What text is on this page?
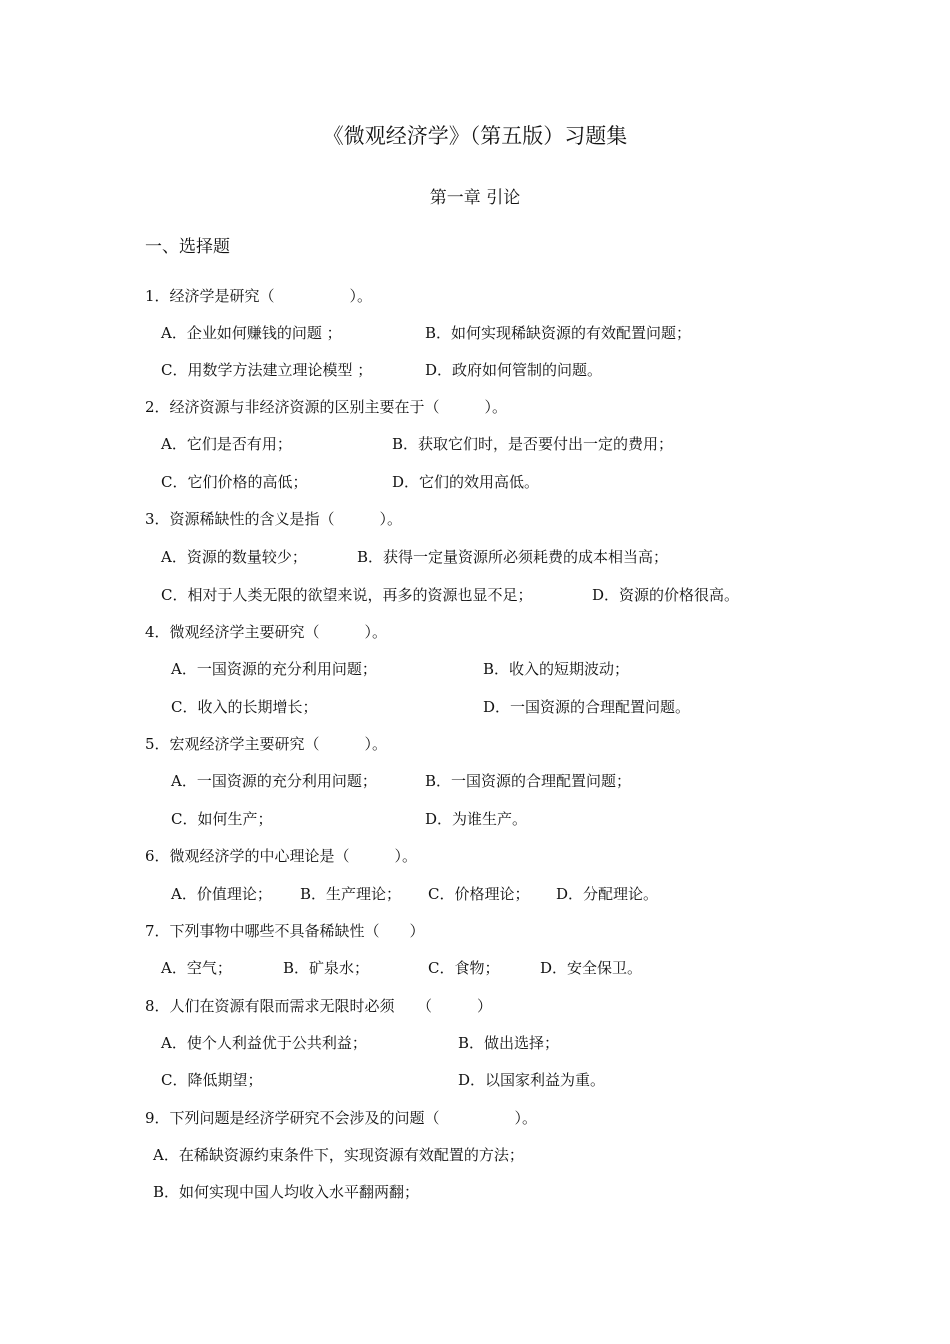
《微观经济学》（第五版）习题集
第一章 引论
一、选择题
1．经济学是研究（　　　　　）。
A．企业如何赚钱的问题 ；	B．如何实现稀缺资源的有效配置问题；
C．用数学方法建立理论模型 ；	D．政府如何管制的问题。
2．经济资源与非经济资源的区别主要在于（　　　）。
A．它们是否有用；	B．获取它们时，是否要付出一定的费用；
C．它们价格的高低；	D．它们的效用高低。
3．资源稀缺性的含义是指（　　　）。
A．资源的数量较少；	B．获得一定量资源所必须耗费的成本相当高；
C．相对于人类无限的欲望来说，再多的资源也显不足；	D．资源的价格很高。
4．微观经济学主要研究（　　　）。
A．一国资源的充分利用问题；	B．收入的短期波动；
C．收入的长期增长；	D．一国资源的合理配置问题。
5．宏观经济学主要研究（　　　）。
A．一国资源的充分利用问题；	B．一国资源的合理配置问题；
C．如何生产；	D．为谁生产。
6．微观经济学的中心理论是（　　　）。
A．价值理论； B．生产理论； C．价格理论； D．分配理论。
7．下列事物中哪些不具备稀缺性（　　）
A．空气；	B．矿泉水；	C．食物；	D．安全保卫。
8．人们在资源有限而需求无限时必须　　（　　　）
A．使个人利益优于公共利益；	B．做出选择；
C．降低期望；	D．以国家利益为重。
9．下列问题是经济学研究不会涉及的问题（　　　　　）。
A．在稀缺资源约束条件下，实现资源有效配置的方法；
B．如何实现中国人均收入水平翻两翻；
